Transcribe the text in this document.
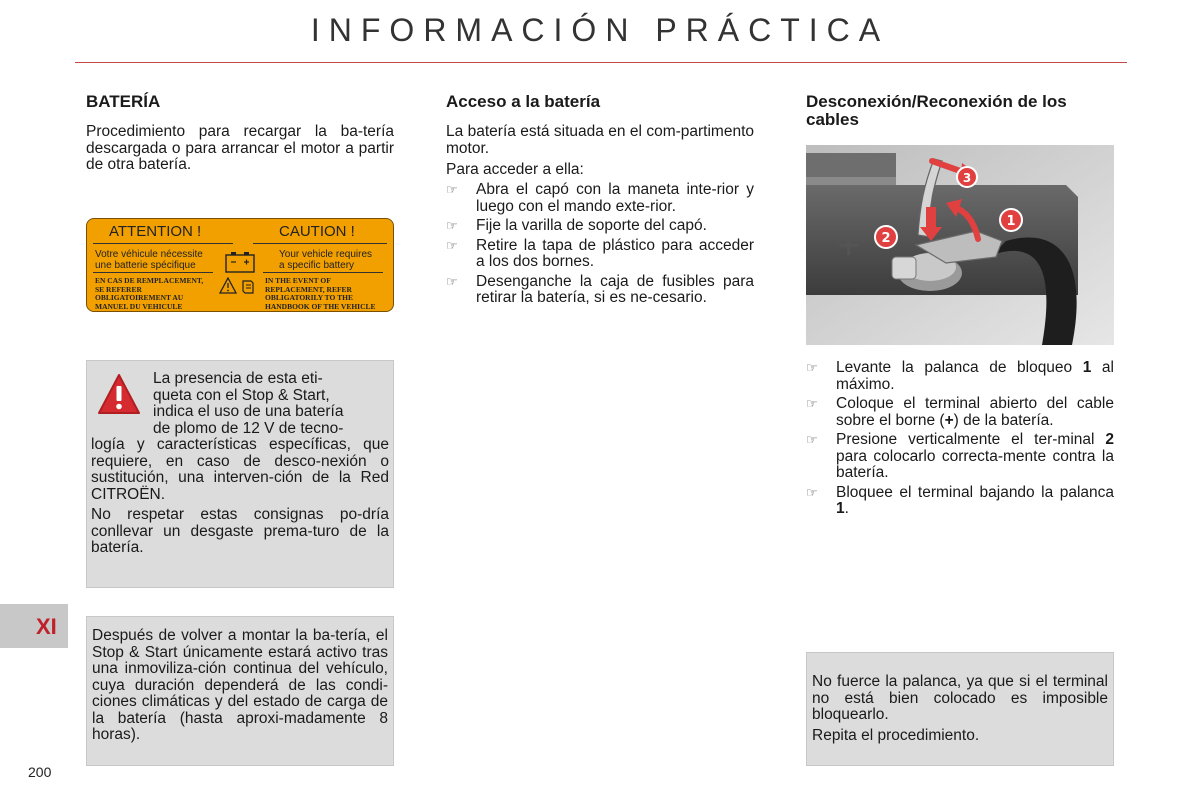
INFORMACIÓN PRÁCTICA
BATERÍA

Procedimiento para recargar la ba-tería descargada o para arrancar el motor a partir de otra batería.

ATTENTION !	CAUTION !
Votre véhicule nécessite
une batterie spécifique
Your vehicle requires
a specific battery
EN CAS DE REMPLACEMENT,
SE REFERER
OBLIGATOIREMENT AU
MANUEL DU VEHICULE
IN THE EVENT OF
REPLACEMENT, REFER
OBLIGATORILY TO THE
HANDBOOK OF THE VEHICLE
La presencia de esta eti-
queta con el Stop & Start,
indica el uso de una batería
de plomo de 12 V de tecno-

logía y características específicas, que requiere, en caso de desco-nexión o sustitución, una interven-ción de la Red CITROËN.

No respetar estas consignas po-dría conllevar un desgaste prema-turo de la batería.

Después de volver a montar la ba-tería, el Stop & Start únicamente estará activo tras una inmoviliza-ción continua del vehículo, cuya duración dependerá de las condi-ciones climáticas y del estado de carga de la batería (hasta aproxi-madamente 8 horas).

Acceso a la batería

La batería está situada en el com-partimento motor.

Para acceder a ella:

☞	Abra el capó con la maneta inte-rior y luego con el mando exte-rior.
☞	Fije la varilla de soporte del capó.
☞	Retire la tapa de plástico para acceder a los dos bornes.
☞	Desenganche la caja de fusibles para retirar la batería, si es ne-cesario.
Desconexión/Reconexión de los cables
+
1
2
3
☞	Levante la palanca de bloqueo 1 al máximo.
☞	Coloque el terminal abierto del cable sobre el borne (+) de la batería.
☞	Presione verticalmente el ter-minal 2 para colocarlo correcta-mente contra la batería.
☞	Bloquee el terminal bajando la palanca 1.

No fuerce la palanca, ya que si el terminal no está bien colocado es imposible bloquearlo.

Repita el procedimiento.

XI
200
